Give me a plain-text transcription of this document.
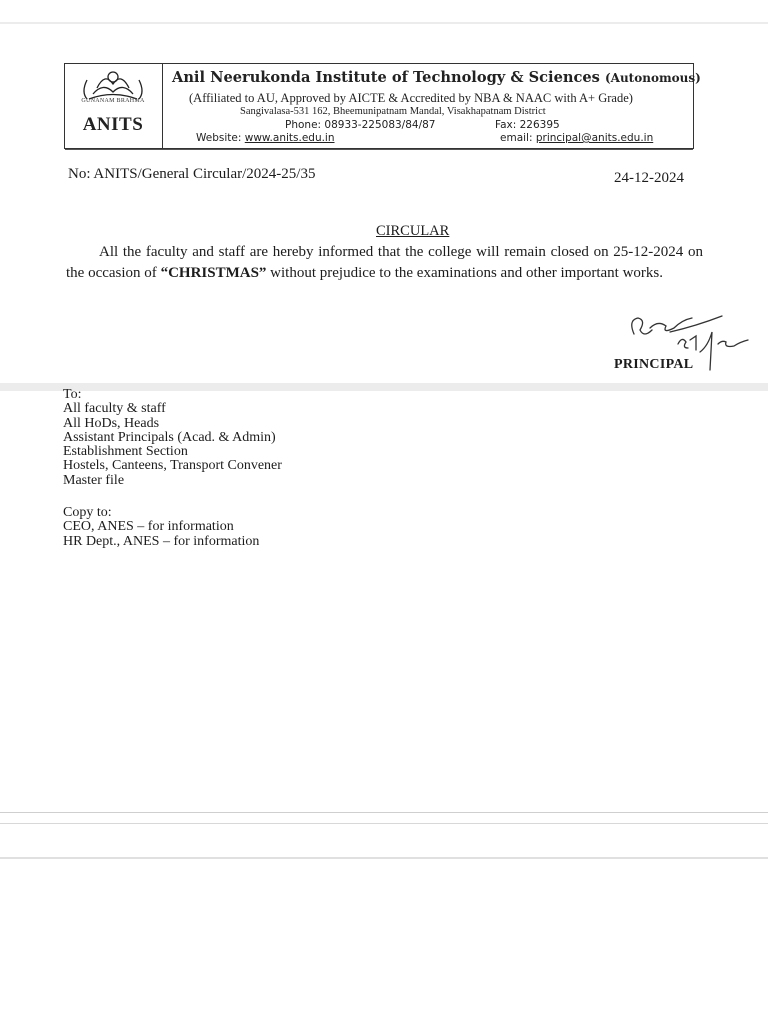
GUNANAM BRAHMA
ANITS
Anil Neerukonda Institute of Technology & Sciences (Autonomous)
(Affiliated to AU, Approved by AICTE & Accredited by NBA & NAAC with A+ Grade)
Sangivalasa-531 162, Bheemunipatnam Mandal, Visakhapatnam District
Phone: 08933-225083/84/87	Fax: 226395
Website: www.anits.edu.in	email: principal@anits.edu.in
No: ANITS/General Circular/2024-25/35	24-12-2024
CIRCULAR

All the faculty and staff are hereby informed that the college will remain closed on 25-12-2024 on the occasion of “CHRISTMAS” without prejudice to the examinations and other important works.

PRINCIPAL
To:
All faculty & staff
All HoDs, Heads
Assistant Principals (Acad. & Admin)
Establishment Section
Hostels, Canteens, Transport Convener
Master file
Copy to:
CEO, ANES – for information
HR Dept., ANES – for information
